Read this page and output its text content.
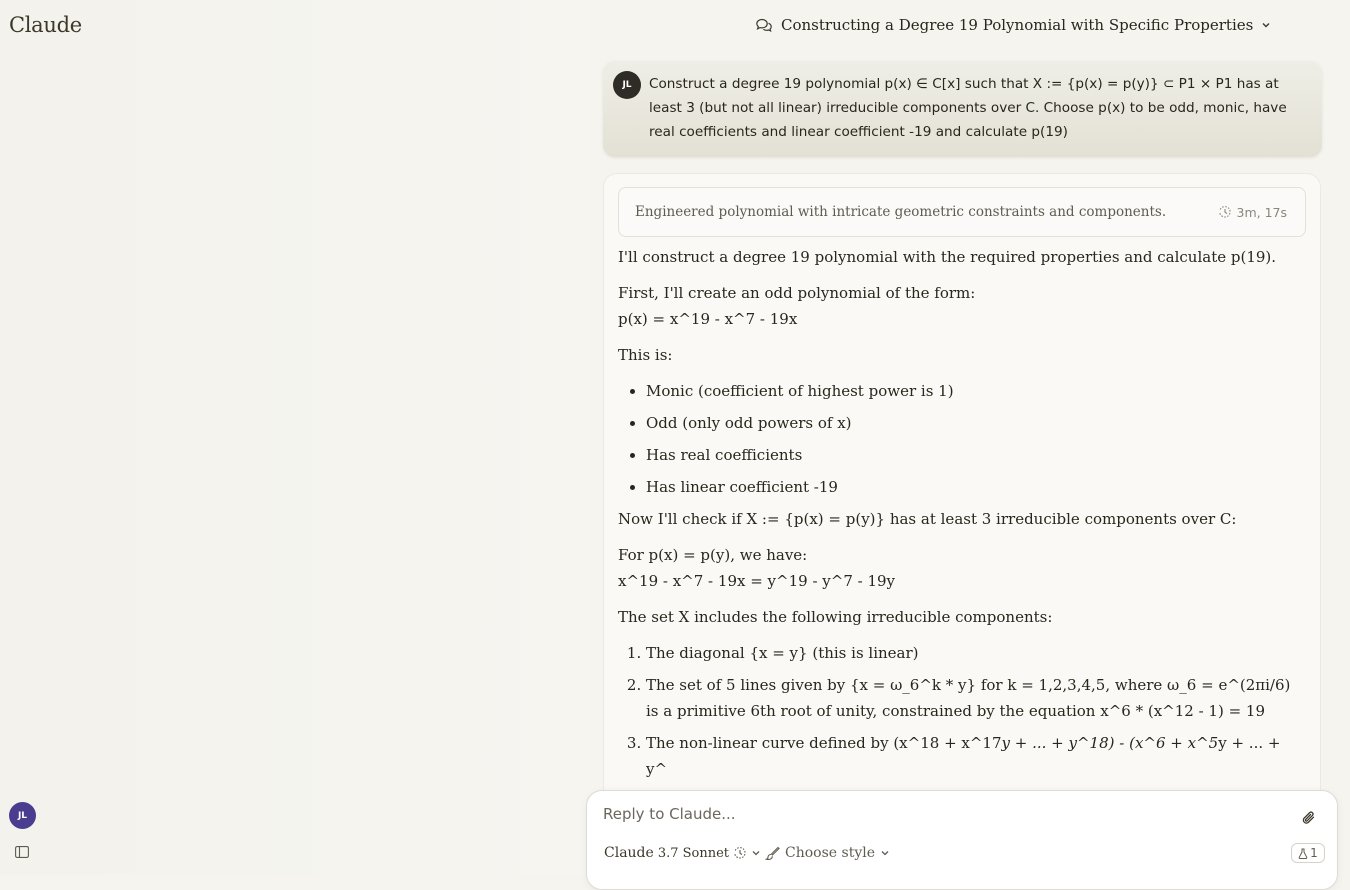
Claude	Constructing a Degree 19 Polynomial with Specific Properties
JL	Construct a degree 19 polynomial p(x) ∈ C[x] such that X := {p(x) = p(y)} ⊂ P1 × P1 has at least 3 (but not all linear) irreducible components over C. Choose p(x) to be odd, monic, have real coefficients and linear coefficient -19 and calculate p(19)
Engineered polynomial with intricate geometric constraints and components.	3m, 17s

I'll construct a degree 19 polynomial with the required properties and calculate p(19).

First, I'll create an odd polynomial of the form:
p(x) = x^19 - x^7 - 19x

This is:

• Monic (coefficient of highest power is 1)
• Odd (only odd powers of x)
• Has real coefficients
• Has linear coefficient -19

Now I'll check if X := {p(x) = p(y)} has at least 3 irreducible components over C:

For p(x) = p(y), we have:
x^19 - x^7 - 19x = y^19 - y^7 - 19y

The set X includes the following irreducible components:

1. The diagonal {x = y} (this is linear)
2. The set of 5 lines given by {x = ω_6^k * y} for k = 1,2,3,4,5, where ω_6 = e^(2πi/6) is a primitive 6th root of unity, constrained by the equation x^6 * (x^12 - 1) = 19
3. The non-linear curve defined by (x^18 + x^17y + ... + y^18) - (x^6 + x^5y + ... + y^
JL
Reply to Claude...
Claude 3.7 Sonnet	Choose style	1
